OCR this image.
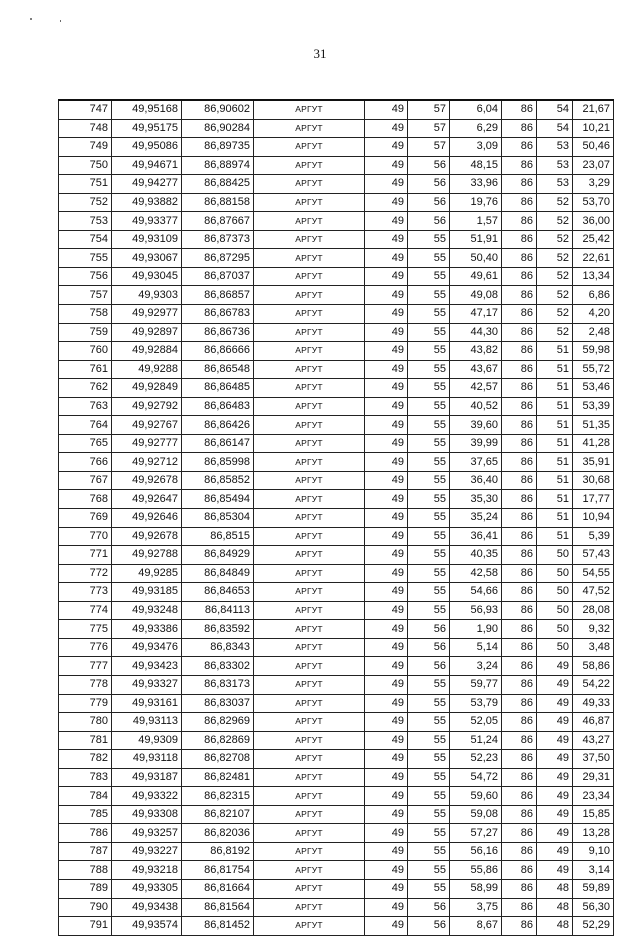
31
747	49,95168	86,90602	АРГУТ	49	57	6,04	86	54	21,67
748	49,95175	86,90284	АРГУТ	49	57	6,29	86	54	10,21
749	49,95086	86,89735	АРГУТ	49	57	3,09	86	53	50,46
750	49,94671	86,88974	АРГУТ	49	56	48,15	86	53	23,07
751	49,94277	86,88425	АРГУТ	49	56	33,96	86	53	3,29
752	49,93882	86,88158	АРГУТ	49	56	19,76	86	52	53,70
753	49,93377	86,87667	АРГУТ	49	56	1,57	86	52	36,00
754	49,93109	86,87373	АРГУТ	49	55	51,91	86	52	25,42
755	49,93067	86,87295	АРГУТ	49	55	50,40	86	52	22,61
756	49,93045	86,87037	АРГУТ	49	55	49,61	86	52	13,34
757	49,9303	86,86857	АРГУТ	49	55	49,08	86	52	6,86
758	49,92977	86,86783	АРГУТ	49	55	47,17	86	52	4,20
759	49,92897	86,86736	АРГУТ	49	55	44,30	86	52	2,48
760	49,92884	86,86666	АРГУТ	49	55	43,82	86	51	59,98
761	49,9288	86,86548	АРГУТ	49	55	43,67	86	51	55,72
762	49,92849	86,86485	АРГУТ	49	55	42,57	86	51	53,46
763	49,92792	86,86483	АРГУТ	49	55	40,52	86	51	53,39
764	49,92767	86,86426	АРГУТ	49	55	39,60	86	51	51,35
765	49,92777	86,86147	АРГУТ	49	55	39,99	86	51	41,28
766	49,92712	86,85998	АРГУТ	49	55	37,65	86	51	35,91
767	49,92678	86,85852	АРГУТ	49	55	36,40	86	51	30,68
768	49,92647	86,85494	АРГУТ	49	55	35,30	86	51	17,77
769	49,92646	86,85304	АРГУТ	49	55	35,24	86	51	10,94
770	49,92678	86,8515	АРГУТ	49	55	36,41	86	51	5,39
771	49,92788	86,84929	АРГУТ	49	55	40,35	86	50	57,43
772	49,9285	86,84849	АРГУТ	49	55	42,58	86	50	54,55
773	49,93185	86,84653	АРГУТ	49	55	54,66	86	50	47,52
774	49,93248	86,84113	АРГУТ	49	55	56,93	86	50	28,08
775	49,93386	86,83592	АРГУТ	49	56	1,90	86	50	9,32
776	49,93476	86,8343	АРГУТ	49	56	5,14	86	50	3,48
777	49,93423	86,83302	АРГУТ	49	56	3,24	86	49	58,86
778	49,93327	86,83173	АРГУТ	49	55	59,77	86	49	54,22
779	49,93161	86,83037	АРГУТ	49	55	53,79	86	49	49,33
780	49,93113	86,82969	АРГУТ	49	55	52,05	86	49	46,87
781	49,9309	86,82869	АРГУТ	49	55	51,24	86	49	43,27
782	49,93118	86,82708	АРГУТ	49	55	52,23	86	49	37,50
783	49,93187	86,82481	АРГУТ	49	55	54,72	86	49	29,31
784	49,93322	86,82315	АРГУТ	49	55	59,60	86	49	23,34
785	49,93308	86,82107	АРГУТ	49	55	59,08	86	49	15,85
786	49,93257	86,82036	АРГУТ	49	55	57,27	86	49	13,28
787	49,93227	86,8192	АРГУТ	49	55	56,16	86	49	9,10
788	49,93218	86,81754	АРГУТ	49	55	55,86	86	49	3,14
789	49,93305	86,81664	АРГУТ	49	55	58,99	86	48	59,89
790	49,93438	86,81564	АРГУТ	49	56	3,75	86	48	56,30
791	49,93574	86,81452	АРГУТ	49	56	8,67	86	48	52,29
